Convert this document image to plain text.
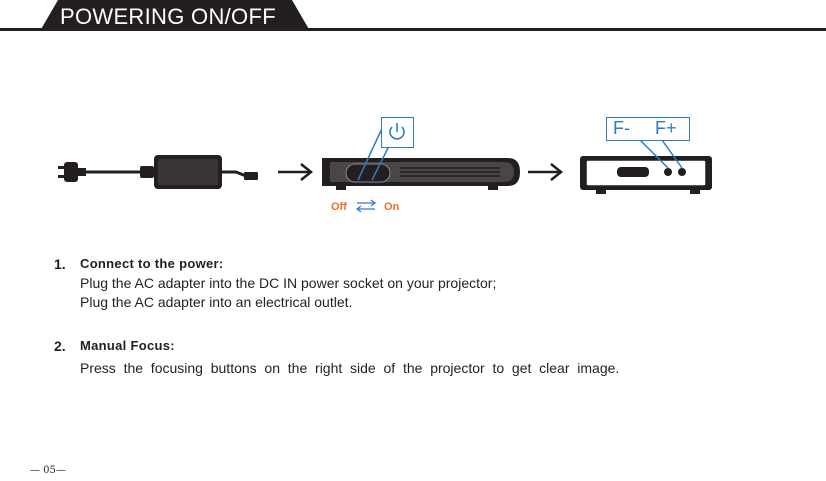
POWERING ON/OFF
Off	On
F- F+
1. Connect to the power:
Plug the AC adapter into the DC IN power socket on your projector;
Plug the AC adapter into an electrical outlet.
2. Manual Focus:
Press  the  focusing  buttons  on  the  right  side  of  the  projector  to  get  clear  image.
— 05—
